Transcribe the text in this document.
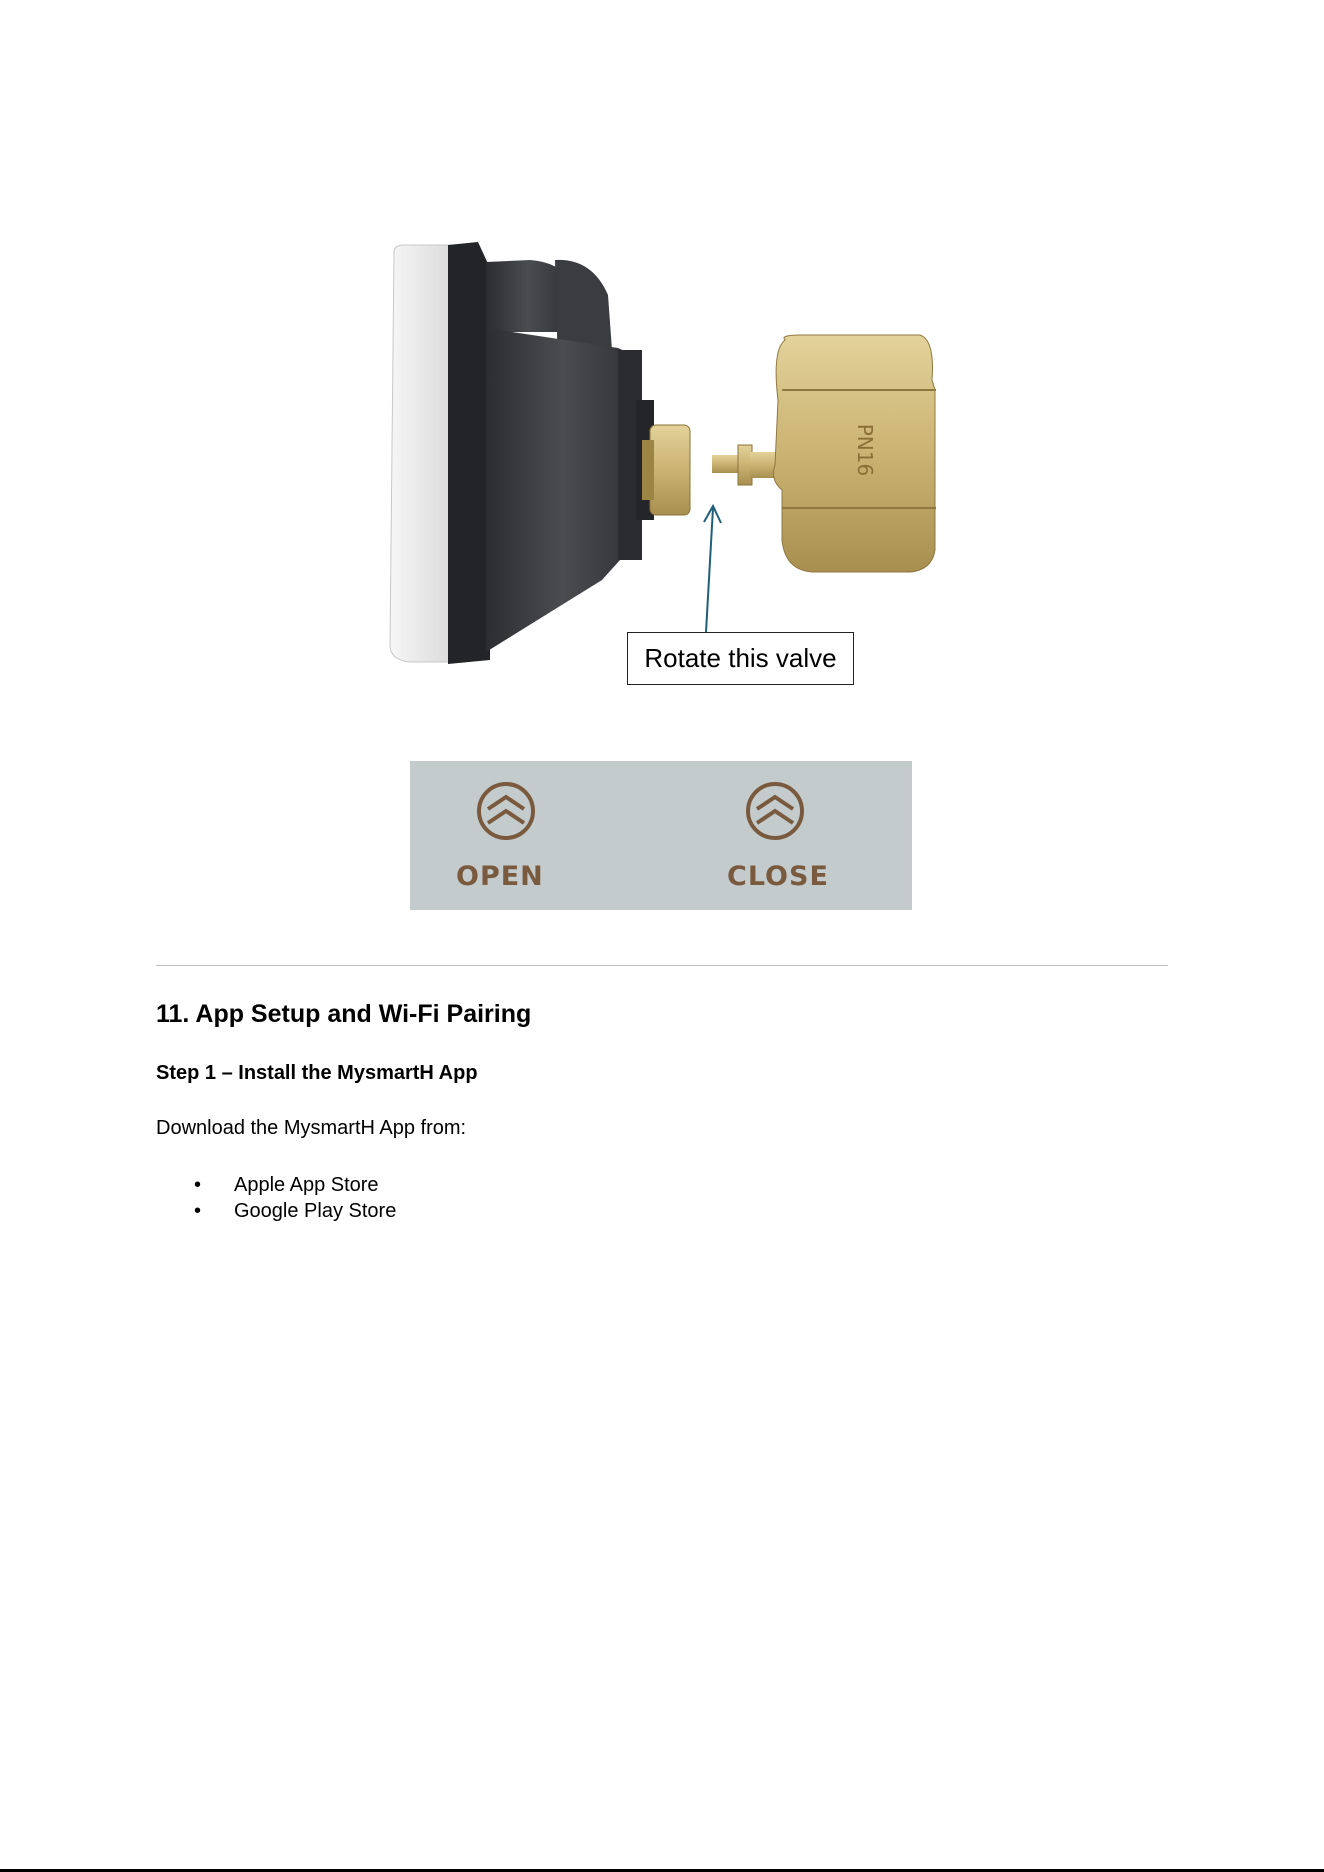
PN16
Rotate this valve
OPEN	CLOSE
11. App Setup and Wi-Fi Pairing
Step 1 – Install the MysmartH App
Download the MysmartH App from:
• Apple App Store
• Google Play Store
